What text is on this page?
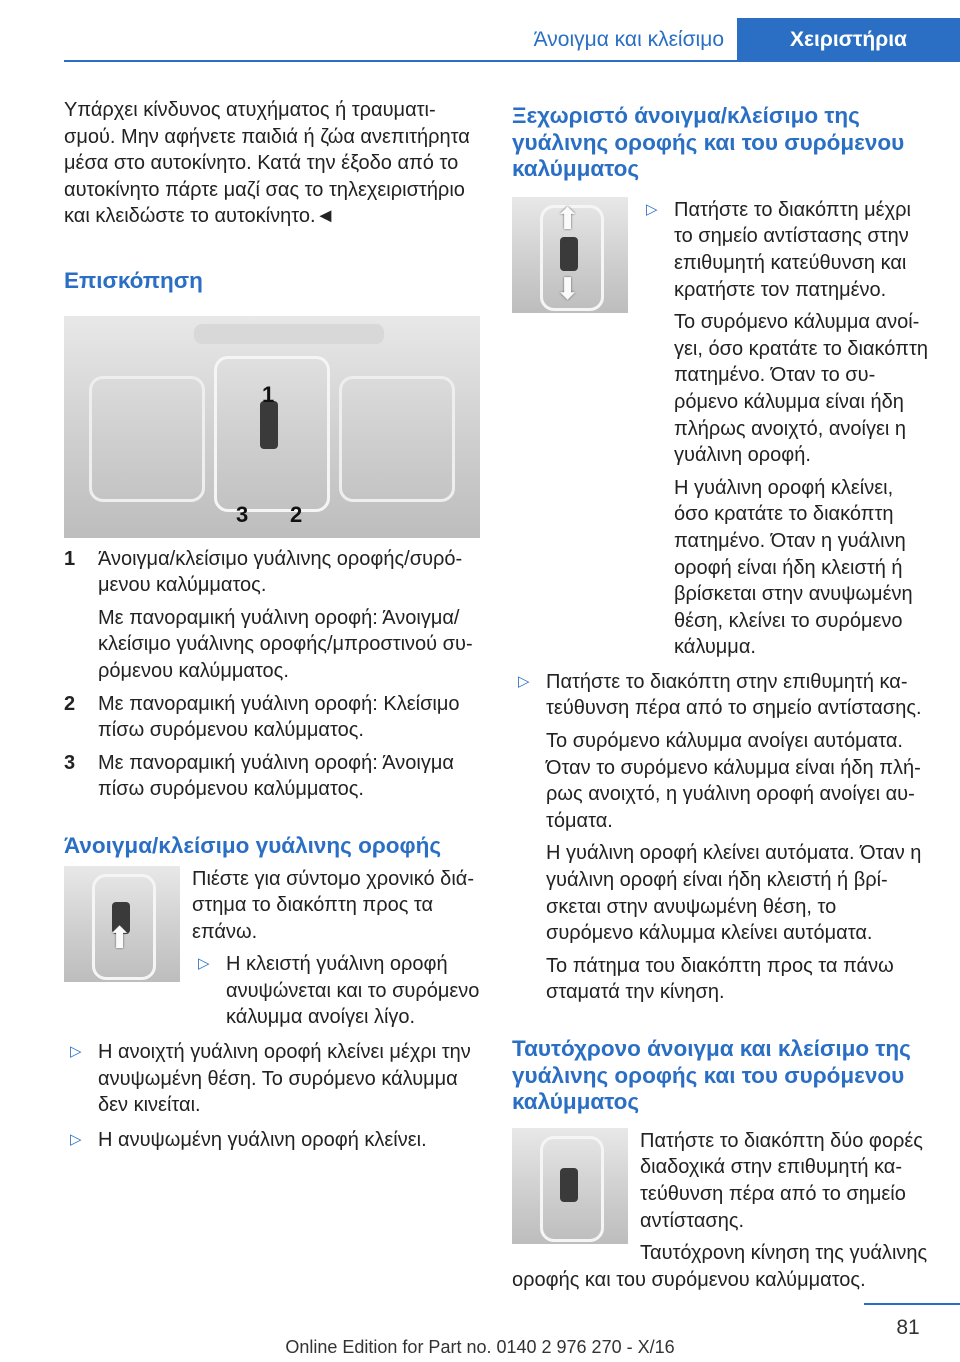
Άνοιγμα και κλείσιμο	Χειριστήρια

Υπάρχει κίνδυνος ατυχήματος ή τραυματισμού. Μην αφήνετε παιδιά ή ζώα ανεπιτήρητα μέσα στο αυτοκίνητο. Κατά την έξοδο από το αυτοκίνητο πάρτε μαζί σας το τηλεχειριστήριο και κλειδώστε το αυτοκίνητο.◄

Επισκόπηση
1
2
3
1 Άνοιγμα/κλείσιμο γυάλινης οροφής/συρόμενου καλύμματος.

Με πανοραμική γυάλινη οροφή: Άνοιγμα/κλείσιμο γυάλινης οροφής/μπροστινού συρόμενου καλύμματος.

2 Με πανοραμική γυάλινη οροφή: Κλείσιμο πίσω συρόμενου καλύμματος.

3 Με πανοραμική γυάλινη οροφή: Άνοιγμα πίσω συρόμενου καλύμματος.

Άνοιγμα/κλείσιμο γυάλινης οροφής
⬆

Πιέστε για σύντομο χρονικό διάστημα το διακόπτη προς τα επάνω.

▷

Η κλειστή γυάλινη οροφή ανυψώνεται και το συρόμενο κάλυμμα ανοίγει λίγο.

▷

Η ανοιχτή γυάλινη οροφή κλείνει μέχρι την ανυψωμένη θέση. Το συρόμενο κάλυμμα δεν κινείται.

▷

Η ανυψωμένη γυάλινη οροφή κλείνει.

Ξεχωριστό άνοιγμα/κλείσιμο της γυάλινης οροφής και του συρόμενου καλύμματος
⬆
⬇
▷

Πατήστε το διακόπτη μέχρι το σημείο αντίστασης στην επιθυμητή κατεύθυνση και κρατήστε τον πατημένο.

Το συρόμενο κάλυμμα ανοίγει, όσο κρατάτε το διακόπτη πατημένο. Όταν το συρόμενο κάλυμμα είναι ήδη πλήρως ανοιχτό, ανοίγει η γυάλινη οροφή.

Η γυάλινη οροφή κλείνει, όσο κρατάτε το διακόπτη πατημένο. Όταν η γυάλινη οροφή είναι ήδη κλειστή ή βρίσκεται στην ανυψωμένη θέση, κλείνει το συρόμενο κάλυμμα.

▷

Πατήστε το διακόπτη στην επιθυμητή κατεύθυνση πέρα από το σημείο αντίστασης.

Το συρόμενο κάλυμμα ανοίγει αυτόματα. Όταν το συρόμενο κάλυμμα είναι ήδη πλήρως ανοιχτό, η γυάλινη οροφή ανοίγει αυτόματα.

Η γυάλινη οροφή κλείνει αυτόματα. Όταν η γυάλινη οροφή είναι ήδη κλειστή ή βρίσκεται στην ανυψωμένη θέση, το συρόμενο κάλυμμα κλείνει αυτόματα.

Το πάτημα του διακόπτη προς τα πάνω σταματά την κίνηση.

Ταυτόχρονο άνοιγμα και κλείσιμο της γυάλινης οροφής και του συρόμενου καλύμματος

Πατήστε το διακόπτη δύο φορές διαδοχικά στην επιθυμητή κατεύθυνση πέρα από το σημείο αντίστασης.

Ταυτόχρονη κίνηση της γυάλινης οροφής και του συρόμενου καλύμματος.

81
Online Edition for Part no. 0140 2 976 270 - X/16
